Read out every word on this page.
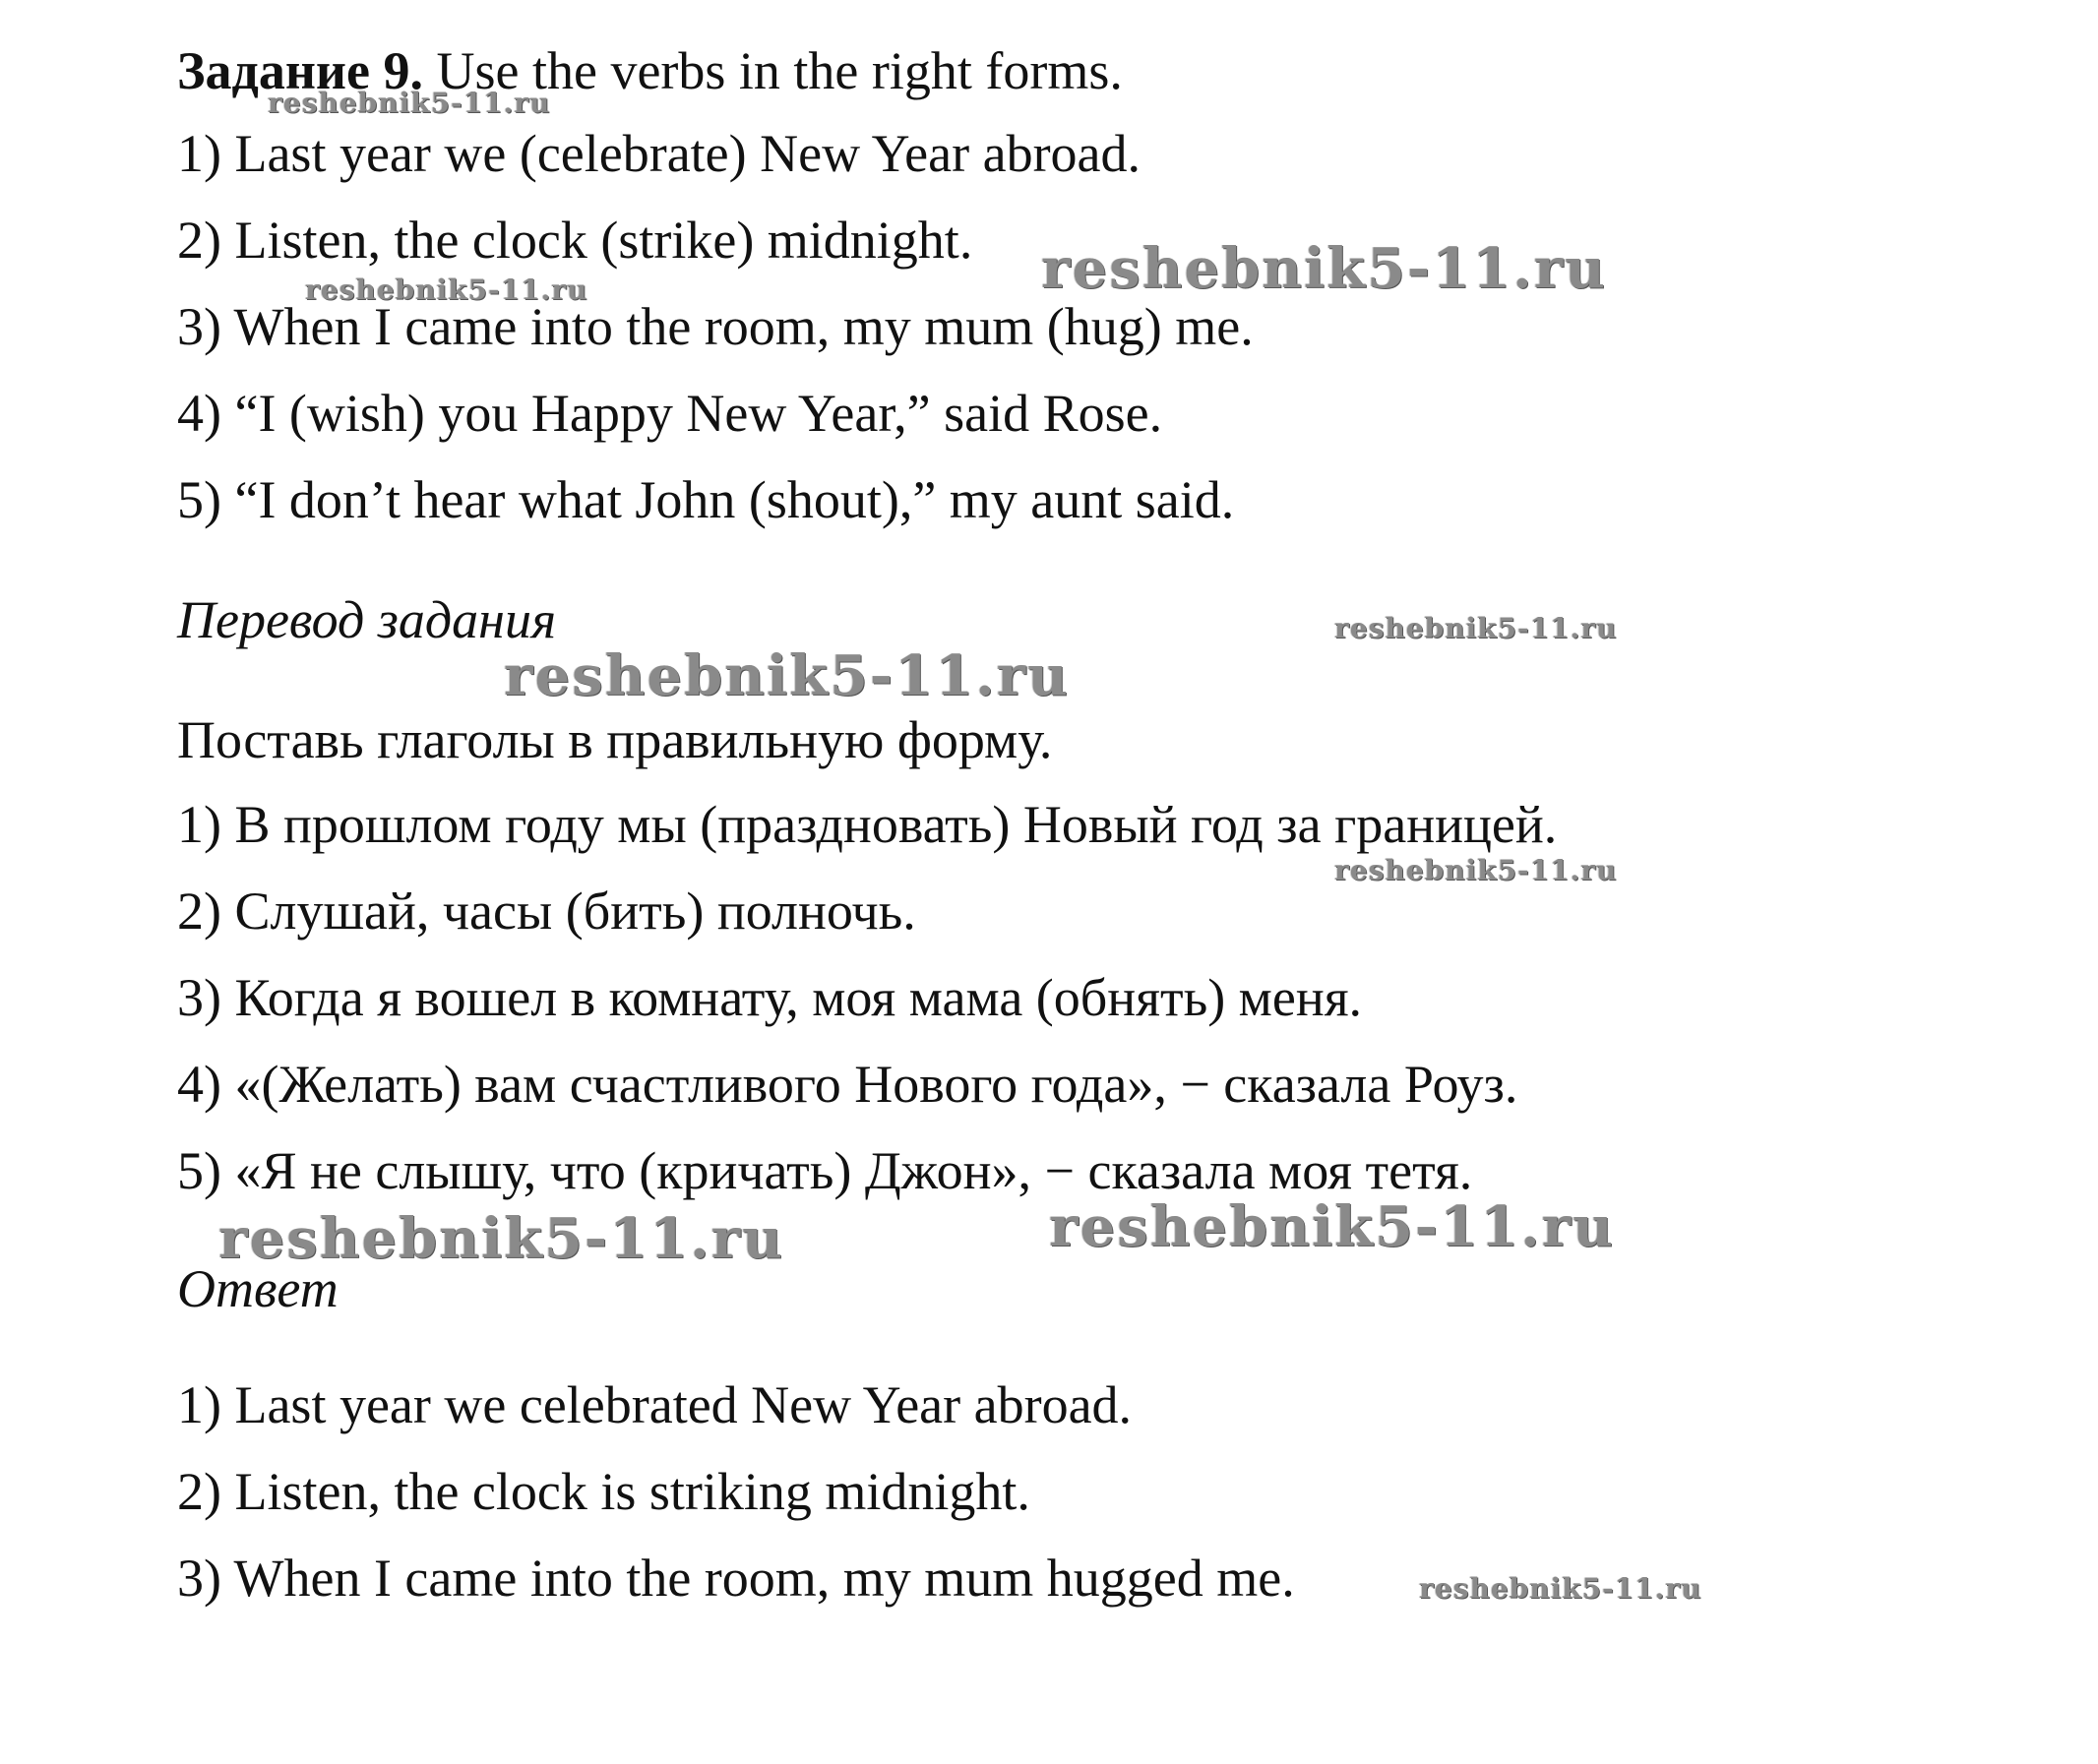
Задание 9. Use the verbs in the right forms.
1) Last year we (celebrate) New Year abroad.
2) Listen, the clock (strike) midnight.
3) When I came into the room, my mum (hug) me.
4) “I (wish) you Happy New Year,” said Rose.
5) “I don’t hear what John (shout),” my aunt said.
Перевод задания
Поставь глаголы в правильную форму.
1) В прошлом году мы (праздновать) Новый год за границей.
2) Слушай, часы (бить) полночь.
3) Когда я вошел в комнату, моя мама (обнять) меня.
4) «(Желать) вам счастливого Нового года», − сказала Роуз.
5) «Я не слышу, что (кричать) Джон», − сказала моя тетя.
Ответ
1) Last year we celebrated New Year abroad.
2) Listen, the clock is striking midnight.
3) When I came into the room, my mum hugged me.
reshebnik5-11.ru
reshebnik5-11.ru	reshebnik5-11.ru
reshebnik5-11.ru
reshebnik5-11.ru
reshebnik5-11.ru
reshebnik5-11.ru	reshebnik5-11.ru
reshebnik5-11.ru
